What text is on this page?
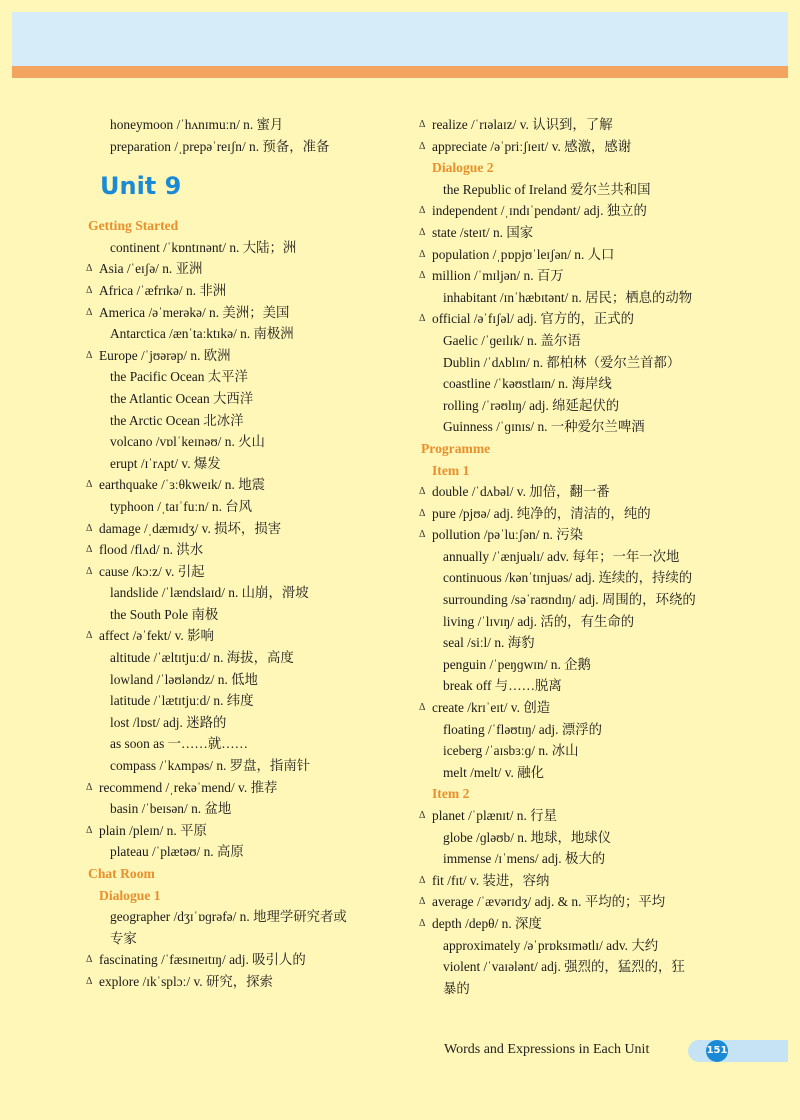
honeymoon /ˈhʌnɪmuːn/ n. 蜜月
preparation /ˌprepəˈreɪʃn/ n. 预备，准备
Unit 9
Getting Started
continent /ˈkɒntɪnənt/ n. 大陆；洲
Δ Asia /ˈeɪʃə/ n. 亚洲
Δ Africa /ˈæfrɪkə/ n. 非洲
Δ America /əˈmerəkə/ n. 美洲；美国
Antarctica /ænˈtaːktɪkə/ n. 南极洲
Δ Europe /ˈjʊərəp/ n. 欧洲
the Pacific Ocean 太平洋
the Atlantic Ocean 大西洋
the Arctic Ocean 北冰洋
volcano /vɒlˈkeɪnəʊ/ n. 火山
erupt /ɪˈrʌpt/ v. 爆发
Δ earthquake /ˈɜːθkweɪk/ n. 地震
typhoon /ˌtaɪˈfuːn/ n. 台风
Δ damage /ˌdæmɪdʒ/ v. 损坏，损害
Δ flood /flʌd/ n. 洪水
Δ cause /kɔːz/ v. 引起
landslide /ˈlændslaɪd/ n. 山崩，滑坡
the South Pole 南极
Δ affect /əˈfekt/ v. 影响
altitude /ˈæltɪtjuːd/ n. 海拔，高度
lowland /ˈləʊləndz/ n. 低地
latitude /ˈlætɪtjuːd/ n. 纬度
lost /lɒst/ adj. 迷路的
as soon as 一……就……
compass /ˈkʌmpəs/ n. 罗盘，指南针
Δ recommend /ˌrekəˈmend/ v. 推荐
basin /ˈbeɪsən/ n. 盆地
Δ plain /pleɪn/ n. 平原
plateau /ˈplætəʊ/ n. 高原
Chat Room
Dialogue 1
geographer /dʒɪˈɒɡrəfə/ n. 地理学研究者或
专家
Δ fascinating /ˈfæsɪneɪtɪŋ/ adj. 吸引人的
Δ explore /ɪkˈsplɔː/ v. 研究，探索
Δ realize /ˈrɪəlaɪz/ v. 认识到，了解
Δ appreciate /əˈpriːʃɪeɪt/ v. 感激，感谢
Dialogue 2
the Republic of Ireland 爱尔兰共和国
Δ independent /ˌɪndɪˈpendənt/ adj. 独立的
Δ state /steɪt/ n. 国家
Δ population /ˌpɒpjʊˈleɪʃən/ n. 人口
Δ million /ˈmɪljən/ n. 百万
inhabitant /ɪnˈhæbɪtənt/ n. 居民；栖息的动物
Δ official /əˈfɪʃəl/ adj. 官方的，正式的
Gaelic /ˈɡeɪlɪk/ n. 盖尔语
Dublin /ˈdʌblɪn/ n. 都柏林（爱尔兰首都）
coastline /ˈkəʊstlaɪn/ n. 海岸线
rolling /ˈrəʊlɪŋ/ adj. 绵延起伏的
Guinness /ˈɡɪnɪs/ n. 一种爱尔兰啤酒
Programme
Item 1
Δ double /ˈdʌbəl/ v. 加倍，翻一番
Δ pure /pjʊə/ adj. 纯净的，清洁的，纯的
Δ pollution /pəˈluːʃən/ n. 污染
annually /ˈænjuəlɪ/ adv. 每年；一年一次地
continuous /kənˈtɪnjuəs/ adj. 连续的，持续的
surrounding /səˈraʊndɪŋ/ adj. 周围的，环绕的
living /ˈlɪvɪŋ/ adj. 活的，有生命的
seal /siːl/ n. 海豹
penguin /ˈpeŋɡwɪn/ n. 企鹅
break off 与……脱离
Δ create /krɪˈeɪt/ v. 创造
floating /ˈfləʊtɪŋ/ adj. 漂浮的
iceberg /ˈaɪsbɜːɡ/ n. 冰山
melt /melt/ v. 融化
Item 2
Δ planet /ˈplænɪt/ n. 行星
globe /ɡləʊb/ n. 地球，地球仪
immense /ɪˈmens/ adj. 极大的
Δ fit /fɪt/ v. 装进，容纳
Δ average /ˈævərɪdʒ/ adj. & n. 平均的；平均
Δ depth /depθ/ n. 深度
approximately /əˈprɒksɪmətlɪ/ adv. 大约
violent /ˈvaɪələnt/ adj. 强烈的，猛烈的，狂
暴的
Words and Expressions in Each Unit	151
